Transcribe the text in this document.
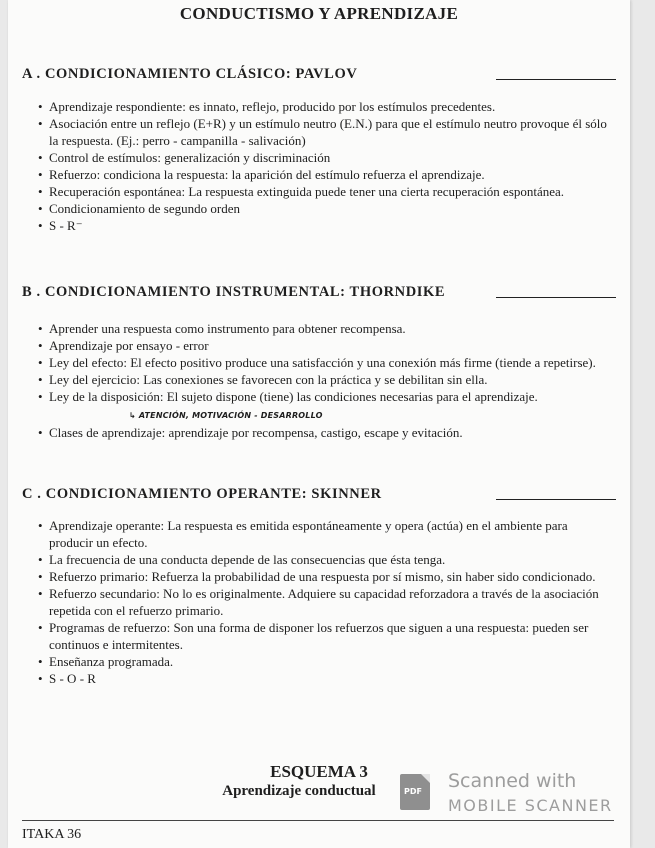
CONDUCTISMO Y APRENDIZAJE
A . CONDICIONAMIENTO CLÁSICO: PAVLOV
• Aprendizaje respondiente: es innato, reflejo, producido por los estímulos precedentes.
• Asociación entre un reflejo (E+R) y un estímulo neutro (E.N.) para que el estímulo neutro provoque él sólo la respuesta. (Ej.: perro - campanilla - salivación)
• Control de estímulos: generalización y discriminación
• Refuerzo: condiciona la respuesta: la aparición del estímulo refuerza el aprendizaje.
• Recuperación espontánea: La respuesta extinguida puede tener una cierta recuperación espontánea.
• Condicionamiento de segundo orden
• S - R⁻
B . CONDICIONAMIENTO INSTRUMENTAL: THORNDIKE
• Aprender una respuesta como instrumento para obtener recompensa.
• Aprendizaje por ensayo - error
• Ley del efecto: El efecto positivo produce una satisfacción y una conexión más firme (tiende a repetirse).
• Ley del ejercicio: Las conexiones se favorecen con la práctica y se debilitan sin ella.
• Ley de la disposición: El sujeto dispone (tiene) las condiciones necesarias para el aprendizaje. ↳ ATENCIÓN, MOTIVACIÓN - DESARROLLO
• Clases de aprendizaje: aprendizaje por recompensa, castigo, escape y evitación.
C . CONDICIONAMIENTO OPERANTE: SKINNER
• Aprendizaje operante: La respuesta es emitida espontáneamente y opera (actúa) en el ambiente para producir un efecto.
• La frecuencia de una conducta depende de las consecuencias que ésta tenga.
• Refuerzo primario: Refuerza la probabilidad de una respuesta por sí mismo, sin haber sido condicionado.
• Refuerzo secundario: No lo es originalmente. Adquiere su capacidad reforzadora a través de la asociación repetida con el refuerzo primario.
• Programas de refuerzo: Son una forma de disponer los refuerzos que siguen a una respuesta: pueden ser continuos e intermitentes.
• Enseñanza programada.
• S - O - R
ESQUEMA 3
Aprendizaje conductual
ITAKA 36
PDF Scanned with
MOBILE SCANNER
